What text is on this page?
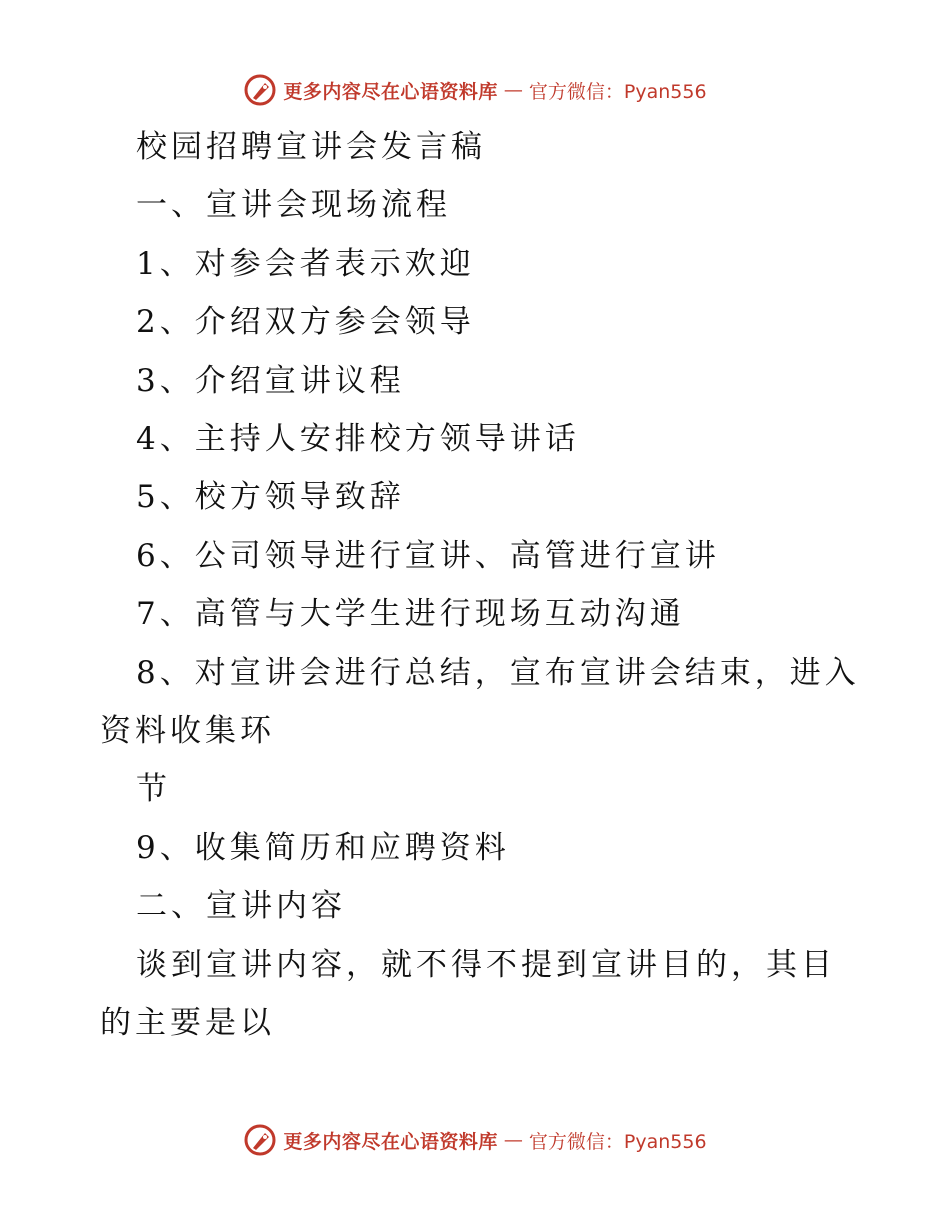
更多内容尽在心语资料库 — 官方微信：Pyan556
校园招聘宣讲会发言稿
一、宣讲会现场流程
1、对参会者表示欢迎
2、介绍双方参会领导
3、介绍宣讲议程
4、主持人安排校方领导讲话
5、校方领导致辞
6、公司领导进行宣讲、高管进行宣讲
7、高管与大学生进行现场互动沟通
8、对宣讲会进行总结，宣布宣讲会结束，进入资料收集环
节
9、收集简历和应聘资料
二、宣讲内容
谈到宣讲内容，就不得不提到宣讲目的，其目的主要是以
更多内容尽在心语资料库 — 官方微信：Pyan556
